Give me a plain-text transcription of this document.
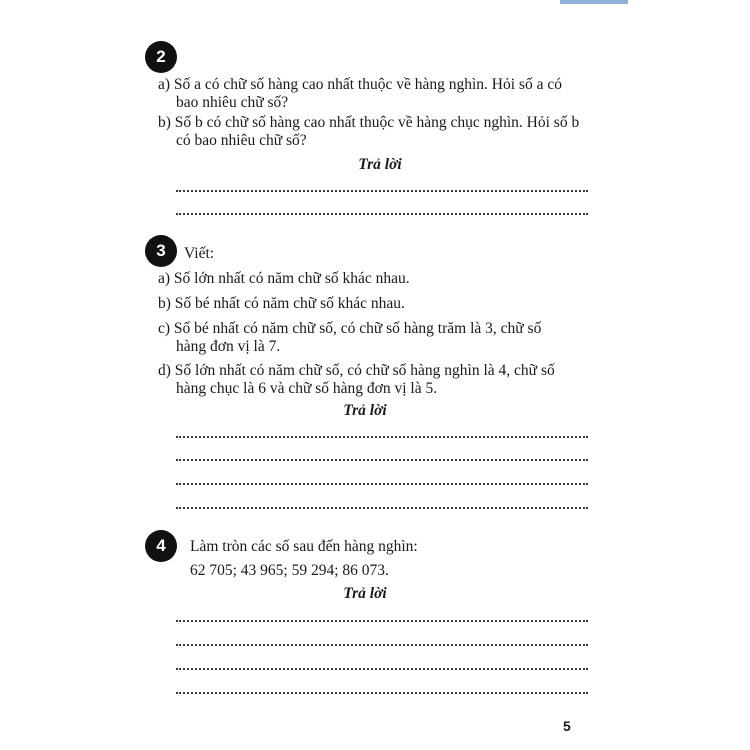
2
a) Số a có chữ số hàng cao nhất thuộc về hàng nghìn. Hỏi số a có
bao nhiêu chữ số?
b) Số b có chữ số hàng cao nhất thuộc về hàng chục nghìn. Hỏi số b
có bao nhiêu chữ số?
Trả lời
3	Viết:
a) Số lớn nhất có năm chữ số khác nhau.
b) Số bé nhất có năm chữ số khác nhau.
c) Số bé nhất có năm chữ số, có chữ số hàng trăm là 3, chữ số
hàng đơn vị là 7.
d) Số lớn nhất có năm chữ số, có chữ số hàng nghìn là 4, chữ số
hàng chục là 6 và chữ số hàng đơn vị là 5.
Trả lời
4	Làm tròn các số sau đến hàng nghìn:
62 705; 43 965; 59 294; 86 073.
Trả lời
5
